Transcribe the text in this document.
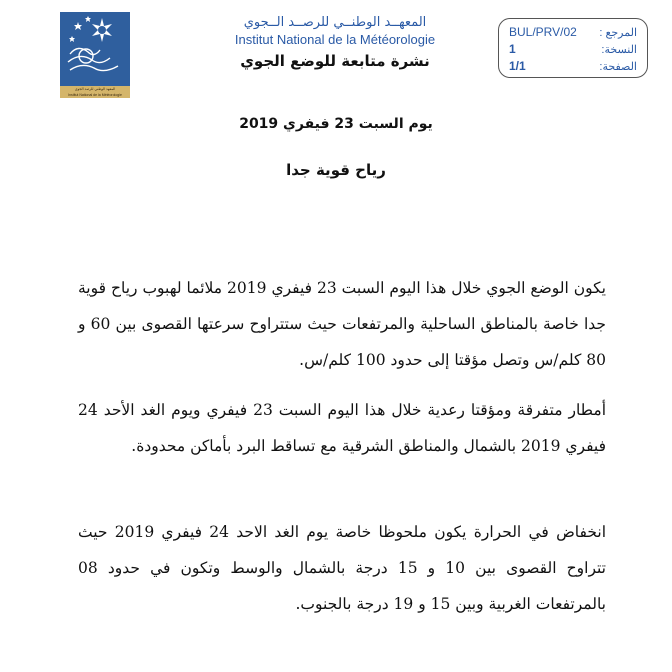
المعهد الوطني للرصد الجوي
Institut National de la Météorologie
المعهــد الوطنــي للرصــد الــجوي
Institut National de la Météorologie
نشرة متابعة للوضع الجوي
BUL/PRV/02 المرجع :
1	النسخة:
1/1	الصفحة:
يوم السبت 23 فيفري 2019
رياح قوية جدا
يكون الوضع الجوي خلال هذا اليوم السبت 23 فيفري 2019 ملائما لهبوب رياح قوية جدا خاصة بالمناطق الساحلية والمرتفعات حيث ستتراوح سرعتها القصوى بين 60 و 80 كلم/س وتصل مؤقتا إلى حدود 100 كلم/س.
أمطار متفرقة ومؤقتا رعدية خلال هذا اليوم السبت 23 فيفري ويوم الغد الأحد 24 فيفري 2019 بالشمال والمناطق الشرقية مع تساقط البرد بأماكن محدودة.
انخفاض في الحرارة يكون ملحوظا خاصة يوم الغد الاحد 24 فيفري 2019 حيث تتراوح القصوى بين 10 و 15 درجة بالشمال والوسط وتكون في حدود 08 بالمرتفعات الغربية وبين 15 و 19 درجة بالجنوب.
